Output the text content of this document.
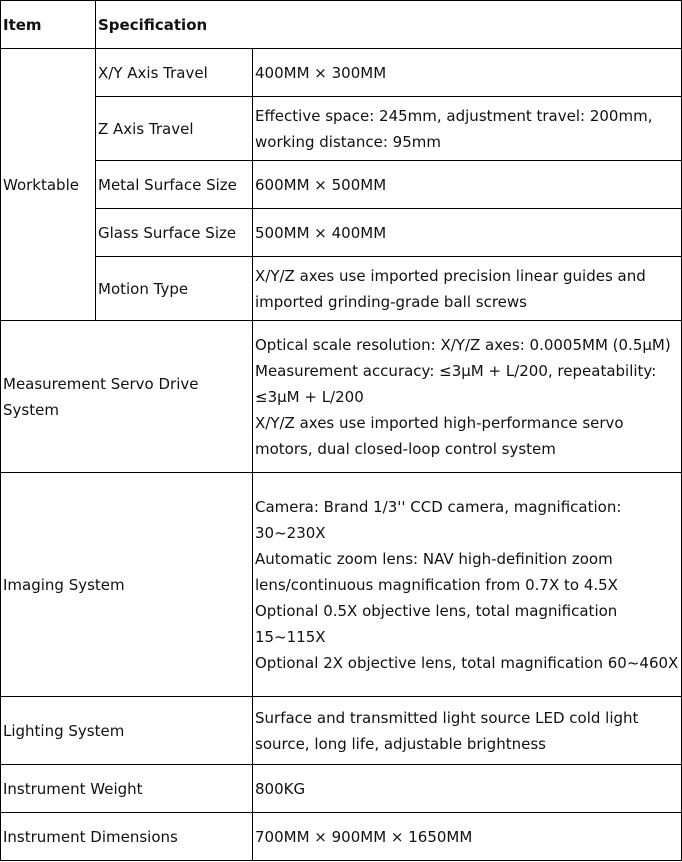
Item	Specification	
Worktable	X/Y Axis Travel	400MM × 300MM

	Z Axis Travel	Effective space: 245mm, adjustment travel: 200mm, working distance: 95mm

	Metal Surface Size	600MM × 500MM

	Glass Surface Size	500MM × 400MM

	Motion Type	X/Y/Z axes use imported precision linear guides and imported grinding-grade ball screws

Measurement Servo Drive System		Optical scale resolution: X/Y/Z axes: 0.0005MM (0.5μM)
Measurement accuracy: ≤3μM + L/200, repeatability: ≤3μM + L/200
X/Y/Z axes use imported high-performance servo motors, dual closed-loop control system

Imaging System		Camera: Brand 1/3'' CCD camera, magnification: 30~230X
Automatic zoom lens: NAV high-definition zoom lens/continuous magnification from 0.7X to 4.5X
Optional 0.5X objective lens, total magnification 15~115X
Optional 2X objective lens, total magnification 60~460X

Lighting System		Surface and transmitted light source LED cold light source, long life, adjustable brightness

Instrument Weight		800KG

Instrument Dimensions		700MM × 900MM × 1650MM
